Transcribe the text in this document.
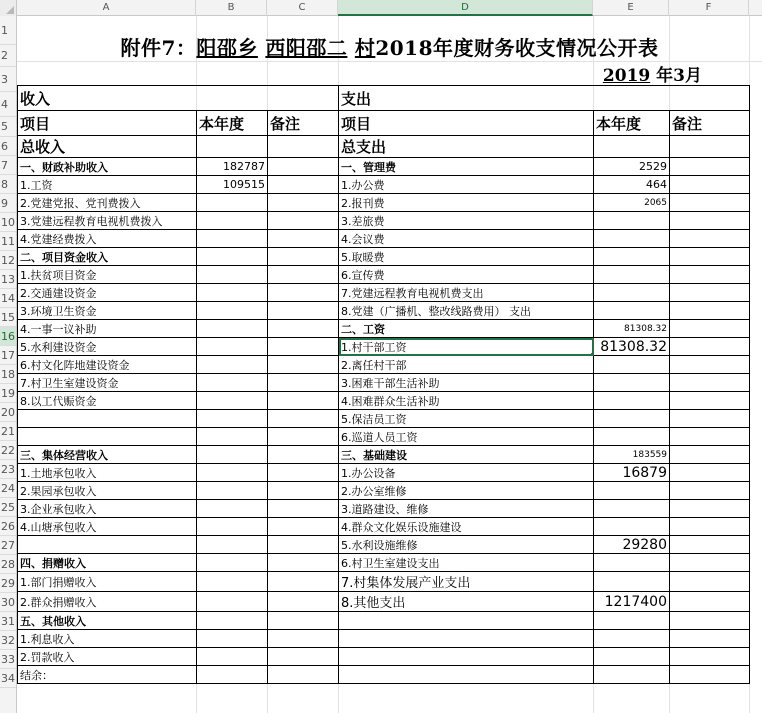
A	B	C	D	E	F
1
2
3
4
5
6
7
8
9
10
11
12
13
14
15
16
17
18
19
20
21
22
23
24
25
26
27
28
29
30
31
32
33
34
附件7：阳邵乡 西阳邵二 村2018年度财务收支情况公开表
2019 年3月
收入			支出		
项目	本年度	备注	项目	本年度	备注
总收入			总支出		
一、财政补助收入	182787		一、管理费	2529	
1.工资	109515		1.办公费	464	
2.党建党报、党刊费拨入			2.报刊费	2065	
3.党建远程教育电视机费拨入			3.差旅费		
4.党建经费拨入			4.会议费		
二、项目资金收入			5.取暖费		
1.扶贫项目资金			6.宣传费		
2.交通建设资金			7.党建远程教育电视机费支出		
3.环境卫生资金			8.党建（广播机、整改线路费用） 支出		
4.一事一议补助			二、工资	81308.32	
5.水利建设资金			1.村干部工资	81308.32	
6.村文化阵地建设资金			2.离任村干部		
7.村卫生室建设资金			3.困难干部生活补助		
8.以工代赈资金			4.困难群众生活补助		
			5.保洁员工资		
			6.巡道人员工资		
三、集体经营收入			三、基础建设	183559	
1.土地承包收入			1.办公设备	16879	
2.果园承包收入			2.办公室维修		
3.企业承包收入			3.道路建设、维修		
4.山塘承包收入			4.群众文化娱乐设施建设		
			5.水利设施维修	29280	
四、捐赠收入			6.村卫生室建设支出		
1.部门捐赠收入			7.村集体发展产业支出		
2.群众捐赠收入			8.其他支出	1217400	
五、其他收入					
1.利息收入					
2.罚款收入					
结余：					
